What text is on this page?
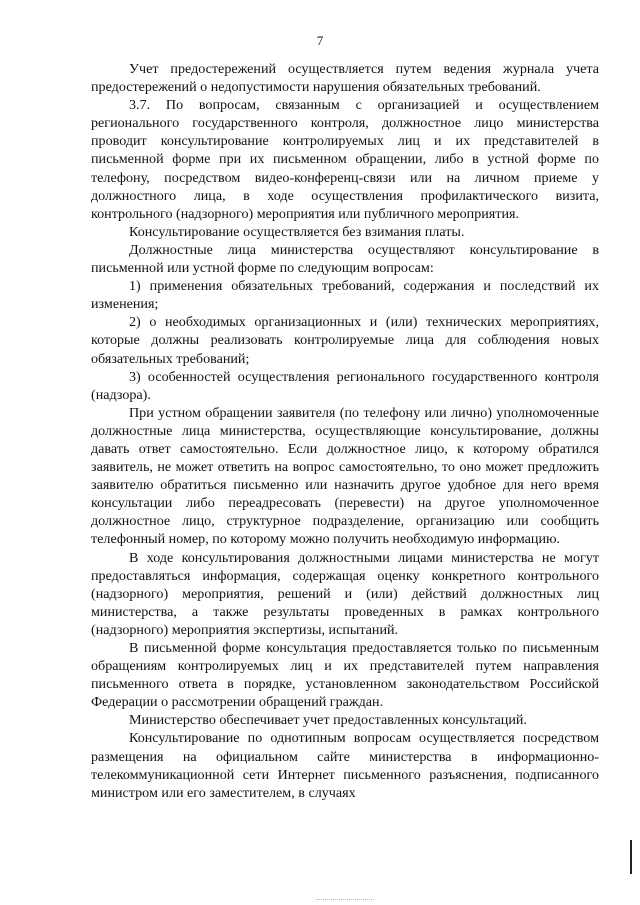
7

Учет предостережений осуществляется путем ведения журнала учета предостережений о недопустимости нарушения обязательных требований.

3.7. По вопросам, связанным с организацией и осуществлением регионального государственного контроля, должностное лицо министерства проводит консультирование контролируемых лиц и их представителей в письменной форме при их письменном обращении, либо в устной форме по телефону, посредством видео-конференц-связи или на личном приеме у должностного лица, в ходе осуществления профилактического визита, контрольного (надзорного) мероприятия или публичного мероприятия.

Консультирование осуществляется без взимания платы.

Должностные лица министерства осуществляют консультирование в письменной или устной форме по следующим вопросам:

1) применения обязательных требований, содержания и последствий их изменения;

2) о необходимых организационных и (или) технических мероприятиях, которые должны реализовать контролируемые лица для соблюдения новых обязательных требований;

3) особенностей осуществления регионального государственного контроля (надзора).

При устном обращении заявителя (по телефону или лично) уполномоченные должностные лица министерства, осуществляющие консультирование, должны давать ответ самостоятельно. Если должностное лицо, к которому обратился заявитель, не может ответить на вопрос самостоятельно, то оно может предложить заявителю обратиться письменно или назначить другое удобное для него время консультации либо переадресовать (перевести) на другое уполномоченное должностное лицо, структурное подразделение, организацию или сообщить телефонный номер, по которому можно получить необходимую информацию.

В ходе консультирования должностными лицами министерства не могут предоставляться информация, содержащая оценку конкретного контрольного (надзорного) мероприятия, решений и (или) действий должностных лиц министерства, а также результаты проведенных в рамках контрольного (надзорного) мероприятия экспертизы, испытаний.

В письменной форме консультация предоставляется только по письменным обращениям контролируемых лиц и их представителей путем направления письменного ответа в порядке, установленном законодательством Российской Федерации о рассмотрении обращений граждан.

Министерство обеспечивает учет предоставленных консультаций.

Консультирование по однотипным вопросам осуществляется посредством размещения на официальном сайте министерства в информационно-телекоммуникационной сети Интернет письменного разъяснения, подписанного министром или его заместителем, в случаях
